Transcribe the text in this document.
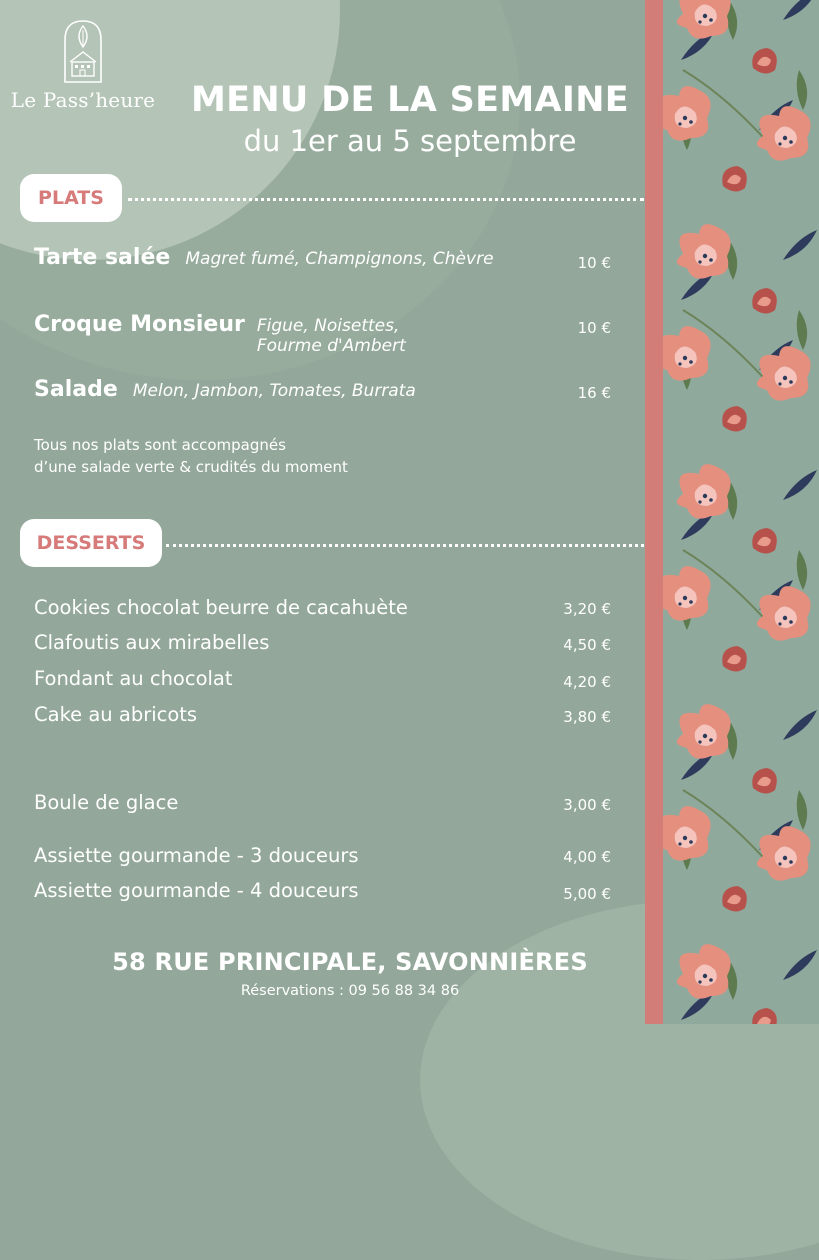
Le Pass’heure	MENU DE LA SEMAINE
du 1er au 5 septembre
PLATS
Tarte salée Magret fumé, Champignons, Chèvre	10 €
Croque Monsieur Figue, Noisettes,
Fourme d'Ambert
10 €
Salade Melon, Jambon, Tomates, Burrata	16 €
Tous nos plats sont accompagnés
d’une salade verte & crudités du moment
DESSERTS
Cookies chocolat beurre de cacahuète	3,20 €
Clafoutis aux mirabelles	4,50 €
Fondant au chocolat	4,20 €
Cake au abricots	3,80 €
Boule de glace	3,00 €
Assiette gourmande - 3 douceurs	4,00 €
Assiette gourmande - 4 douceurs	5,00 €
58 RUE PRINCIPALE, SAVONNIÈRES
Réservations : 09 56 88 34 86
